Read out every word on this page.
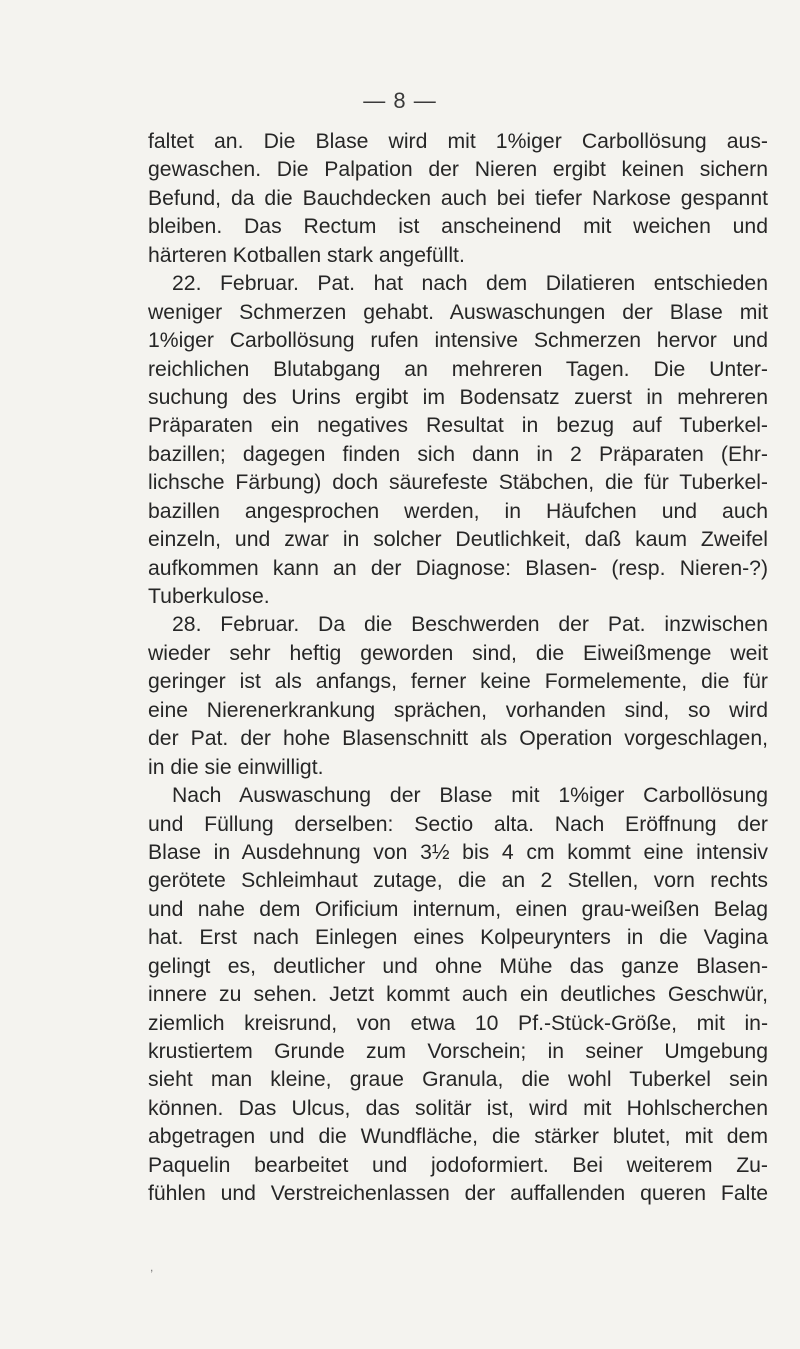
— 8 —
faltet an. Die Blase wird mit 1%iger Carbollösung aus-
gewaschen. Die Palpation der Nieren ergibt keinen sichern
Befund, da die Bauchdecken auch bei tiefer Narkose gespannt
bleiben. Das Rectum ist anscheinend mit weichen und
härteren Kotballen stark angefüllt.
22. Februar. Pat. hat nach dem Dilatieren entschieden
weniger Schmerzen gehabt. Auswaschungen der Blase mit
1%iger Carbollösung rufen intensive Schmerzen hervor und
reichlichen Blutabgang an mehreren Tagen. Die Unter-
suchung des Urins ergibt im Bodensatz zuerst in mehreren
Präparaten ein negatives Resultat in bezug auf Tuberkel-
bazillen; dagegen finden sich dann in 2 Präparaten (Ehr-
lichsche Färbung) doch säurefeste Stäbchen, die für Tuberkel-
bazillen angesprochen werden, in Häufchen und auch
einzeln, und zwar in solcher Deutlichkeit, daß kaum Zweifel
aufkommen kann an der Diagnose: Blasen- (resp. Nieren-?)
Tuberkulose.
28. Februar. Da die Beschwerden der Pat. inzwischen
wieder sehr heftig geworden sind, die Eiweißmenge weit
geringer ist als anfangs, ferner keine Formelemente, die für
eine Nierenerkrankung sprächen, vorhanden sind, so wird
der Pat. der hohe Blasenschnitt als Operation vorgeschlagen,
in die sie einwilligt.
Nach Auswaschung der Blase mit 1%iger Carbollösung
und Füllung derselben: Sectio alta. Nach Eröffnung der
Blase in Ausdehnung von 3½ bis 4 cm kommt eine intensiv
gerötete Schleimhaut zutage, die an 2 Stellen, vorn rechts
und nahe dem Orificium internum, einen grau-weißen Belag
hat. Erst nach Einlegen eines Kolpeurynters in die Vagina
gelingt es, deutlicher und ohne Mühe das ganze Blasen-
innere zu sehen. Jetzt kommt auch ein deutliches Geschwür,
ziemlich kreisrund, von etwa 10 Pf.-Stück-Größe, mit in-
krustiertem Grunde zum Vorschein; in seiner Umgebung
sieht man kleine, graue Granula, die wohl Tuberkel sein
können. Das Ulcus, das solitär ist, wird mit Hohlscherchen
abgetragen und die Wundfläche, die stärker blutet, mit dem
Paquelin bearbeitet und jodoformiert. Bei weiterem Zu-
fühlen und Verstreichenlassen der auffallenden queren Falte
,
